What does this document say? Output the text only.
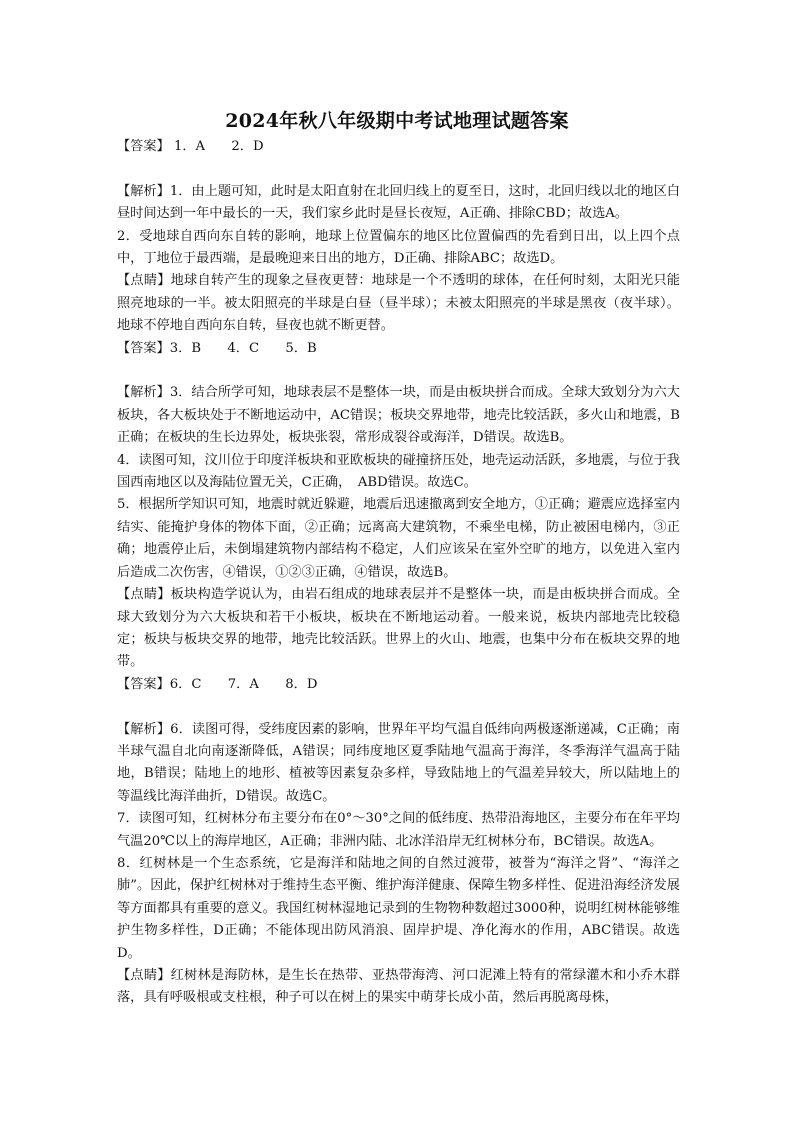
2024年秋八年级期中考试地理试题答案

【答案】 1．A　　2．D

【解析】1．由上题可知，此时是太阳直射在北回归线上的夏至日，这时，北回归线以北的地区白昼时间达到一年中最长的一天，我们家乡此时是昼长夜短，A正确、排除CBD；故选A。

2．受地球自西向东自转的影响，地球上位置偏东的地区比位置偏西的先看到日出，以上四个点中，丁地位于最西端，是最晚迎来日出的地方，D正确、排除ABC；故选D。

【点睛】地球自转产生的现象之昼夜更替：地球是一个不透明的球体，在任何时刻，太阳光只能照亮地球的一半。被太阳照亮的半球是白昼（昼半球）；未被太阳照亮的半球是黑夜（夜半球）。地球不停地自西向东自转，昼夜也就不断更替。

【答案】3．B　　4．C　　5．B

【解析】3．结合所学可知，地球表层不是整体一块，而是由板块拼合而成。全球大致划分为六大板块，各大板块处于不断地运动中，AC错误；板块交界地带，地壳比较活跃，多火山和地震，B正确；在板块的生长边界处，板块张裂，常形成裂谷或海洋，D错误。故选B。

4．读图可知，汶川位于印度洋板块和亚欧板块的碰撞挤压处，地壳运动活跃，多地震，与位于我国西南地区以及海陆位置无关，C正确，　ABD错误。故选C。

5．根据所学知识可知，地震时就近躲避，地震后迅速撤离到安全地方，①正确；避震应选择室内结实、能掩护身体的物体下面，②正确；远离高大建筑物，不乘坐电梯，防止被困电梯内，③正确；地震停止后，未倒塌建筑物内部结构不稳定，人们应该呆在室外空旷的地方，以免进入室内后造成二次伤害，④错误，①②③正确，④错误，故选B。

【点睛】板块构造学说认为，由岩石组成的地球表层并不是整体一块，而是由板块拼合而成。全球大致划分为六大板块和若干小板块，板块在不断地运动着。一般来说，板块内部地壳比较稳定；板块与板块交界的地带，地壳比较活跃。世界上的火山、地震，也集中分布在板块交界的地带。

【答案】6．C　　7．A　　8．D

【解析】6．读图可得，受纬度因素的影响，世界年平均气温自低纬向两极逐渐递减，C正确；南半球气温自北向南逐渐降低，A错误；同纬度地区夏季陆地气温高于海洋，冬季海洋气温高于陆地，B错误；陆地上的地形、植被等因素复杂多样，导致陆地上的气温差异较大，所以陆地上的等温线比海洋曲折，D错误。故选C。

7．读图可知，红树林分布主要分布在0°～30°之间的低纬度、热带沿海地区，主要分布在年平均气温20℃以上的海岸地区，A正确；非洲内陆、北冰洋沿岸无红树林分布，BC错误。故选A。

8．红树林是一个生态系统，它是海洋和陆地之间的自然过渡带，被誉为“海洋之肾”、“海洋之肺”。因此，保护红树林对于维持生态平衡、维护海洋健康、保障生物多样性、促进沿海经济发展等方面都具有重要的意义。我国红树林湿地记录到的生物物种数超过3000种，说明红树林能够维护生物多样性，D正确；不能体现出防风消浪、固岸护堤、净化海水的作用，ABC错误。故选D。

【点睛】红树林是海防林，是生长在热带、亚热带海湾、河口泥滩上特有的常绿灌木和小乔木群落，具有呼吸根或支柱根，种子可以在树上的果实中萌芽长成小苗，然后再脱离母株，
